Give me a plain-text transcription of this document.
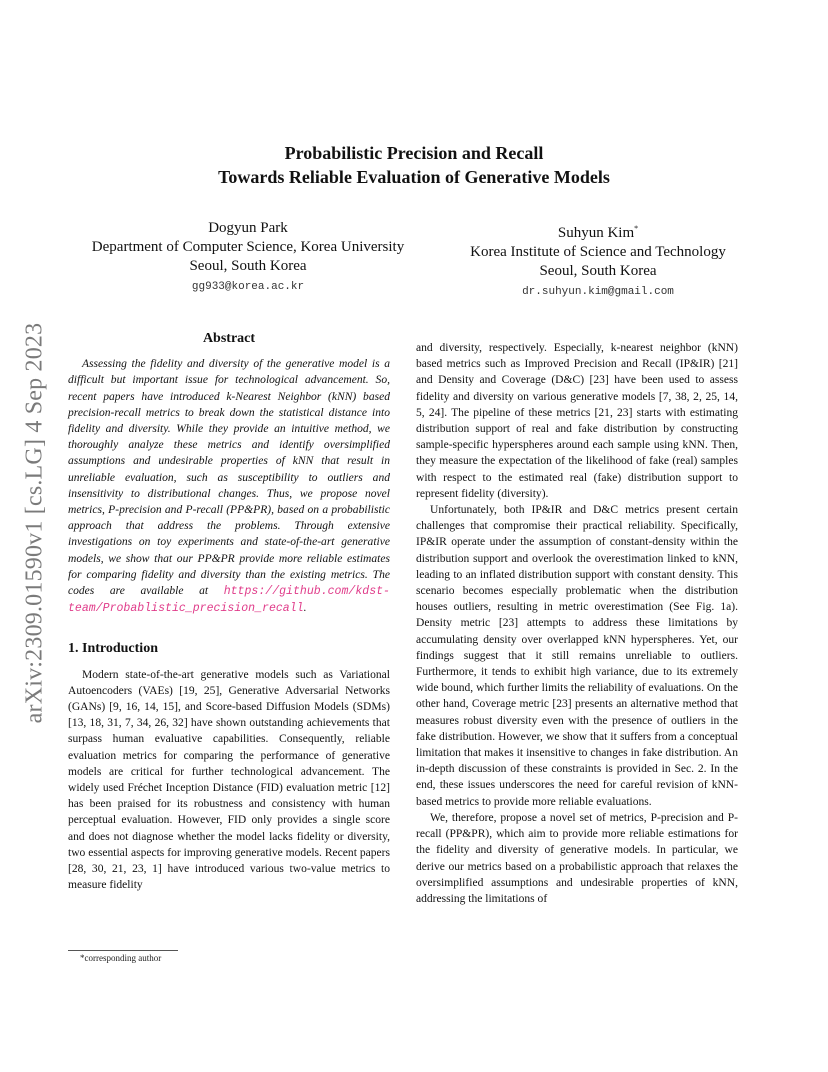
arXiv:2309.01590v1 [cs.LG] 4 Sep 2023
Probabilistic Precision and Recall
Towards Reliable Evaluation of Generative Models
Dogyun Park
Department of Computer Science, Korea University
Seoul, South Korea
gg933@korea.ac.kr
Suhyun Kim*
Korea Institute of Science and Technology
Seoul, South Korea
dr.suhyun.kim@gmail.com
Abstract

Assessing the fidelity and diversity of the generative model is a difficult but important issue for technological advancement. So, recent papers have introduced k-Nearest Neighbor (kNN) based precision-recall metrics to break down the statistical distance into fidelity and diversity. While they provide an intuitive method, we thoroughly analyze these metrics and identify oversimplified assumptions and undesirable properties of kNN that result in unreliable evaluation, such as susceptibility to outliers and insensitivity to distributional changes. Thus, we propose novel metrics, P-precision and P-recall (PP&PR), based on a probabilistic approach that address the problems. Through extensive investigations on toy experiments and state-of-the-art generative models, we show that our PP&PR provide more reliable estimates for comparing fidelity and diversity than the existing metrics. The codes are available at https://github.com/kdst-team/Probablistic_precision_recall.

1. Introduction

Modern state-of-the-art generative models such as Variational Autoencoders (VAEs) [19, 25], Generative Adversarial Networks (GANs) [9, 16, 14, 15], and Score-based Diffusion Models (SDMs) [13, 18, 31, 7, 34, 26, 32] have shown outstanding achievements that surpass human evaluative capabilities. Consequently, reliable evaluation metrics for comparing the performance of generative models are critical for further technological advancement. The widely used Fréchet Inception Distance (FID) evaluation metric [12] has been praised for its robustness and consistency with human perceptual evaluation. However, FID only provides a single score and does not diagnose whether the model lacks fidelity or diversity, two essential aspects for improving generative models. Recent papers [28, 30, 21, 23, 1] have introduced various two-value metrics to measure fidelity

and diversity, respectively. Especially, k-nearest neighbor (kNN) based metrics such as Improved Precision and Recall (IP&IR) [21] and Density and Coverage (D&C) [23] have been used to assess fidelity and diversity on various generative models [7, 38, 2, 25, 14, 5, 24]. The pipeline of these metrics [21, 23] starts with estimating distribution support of real and fake distribution by constructing sample-specific hyperspheres around each sample using kNN. Then, they measure the expectation of the likelihood of fake (real) samples with respect to the estimated real (fake) distribution support to represent fidelity (diversity).

Unfortunately, both IP&IR and D&C metrics present certain challenges that compromise their practical reliability. Specifically, IP&IR operate under the assumption of constant-density within the distribution support and overlook the overestimation linked to kNN, leading to an inflated distribution support with constant density. This scenario becomes especially problematic when the distribution houses outliers, resulting in metric overestimation (See Fig. 1a). Density metric [23] attempts to address these limitations by accumulating density over overlapped kNN hyperspheres. Yet, our findings suggest that it still remains unreliable to outliers. Furthermore, it tends to exhibit high variance, due to its extremely wide bound, which further limits the reliability of evaluations. On the other hand, Coverage metric [23] presents an alternative method that measures robust diversity even with the presence of outliers in the fake distribution. However, we show that it suffers from a conceptual limitation that makes it insensitive to changes in fake distribution. An in-depth discussion of these constraints is provided in Sec. 2. In the end, these issues underscores the need for careful revision of kNN-based metrics to provide more reliable evaluations.

We, therefore, propose a novel set of metrics, P-precision and P-recall (PP&PR), which aim to provide more reliable estimations for the fidelity and diversity of generative models. In particular, we derive our metrics based on a probabilistic approach that relaxes the oversimplified assumptions and undesirable properties of kNN, addressing the limitations of

*corresponding author
